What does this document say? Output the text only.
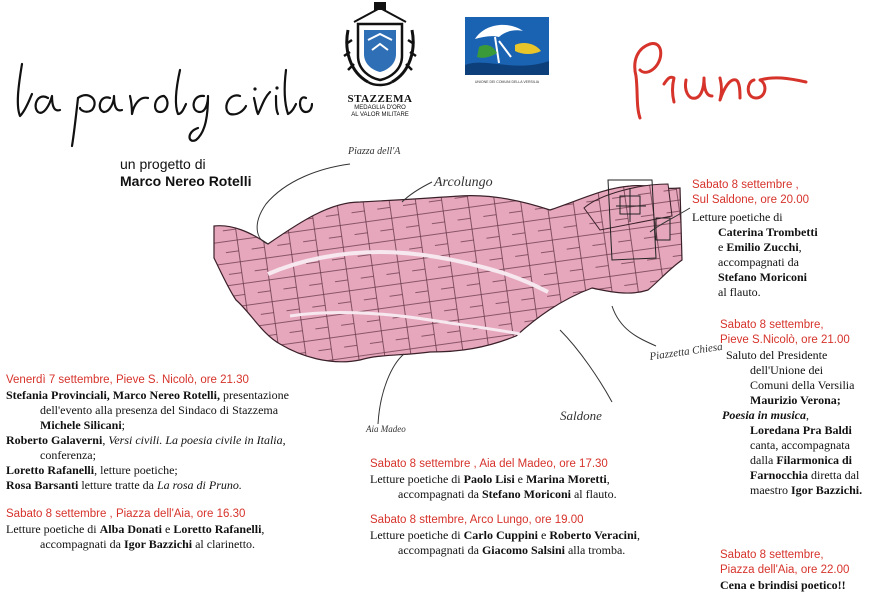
un progetto di
Marco Nereo Rotelli
STAZZEMA
MEDAGLIA D'ORO
AL VALOR MILITARE
UNIONE DEI COMUNI DELLA VERSILIA
Piazza dell'A
Arcolungo
Piazzetta Chiesa
Saldone
Aia Madeo
Venerdì 7 settembre, Pieve S. Nicolò, ore 21.30
Stefania Provinciali, Marco Nereo Rotelli, presentazione
dell'evento alla presenza del Sindaco di Stazzema
Michele Silicani;
Roberto Galaverni, Versi civili. La poesia civile in Italia,
conferenza;
Loretto Rafanelli, letture poetiche;
Rosa Barsanti letture tratte da La rosa di Pruno.
Sabato 8 settembre , Piazza dell'Aia, ore 16.30
Letture poetiche di Alba Donati e Loretto Rafanelli,
accompagnati da Igor Bazzichi al clarinetto.
Sabato 8 settembre , Aia del Madeo, ore 17.30
Letture poetiche di Paolo Lisi e Marina Moretti,
accompagnati da Stefano Moriconi al flauto.
Sabato 8 sttembre, Arco Lungo, ore 19.00
Letture poetiche di Carlo Cuppini e Roberto Veracini,
accompagnati da Giacomo Salsini alla tromba.
Sabato 8 settembre ,
Sul Saldone, ore 20.00
Letture poetiche di
Caterina Trombetti
e Emilio Zucchi,
accompagnati da
Stefano Moriconi
al flauto.
Sabato 8 settembre,
Pieve S.Nicolò, ore 21.00
Saluto del Presidente
dell'Unione dei
Comuni della Versilia
Maurizio Verona;
Poesia in musica,
Loredana Pra Baldi
canta, accompagnata
dalla Filarmonica di
Farnocchia diretta dal
maestro Igor Bazzichi.
Sabato 8 settembre,
Piazza dell'Aia, ore 22.00
Cena e brindisi poetico!!
